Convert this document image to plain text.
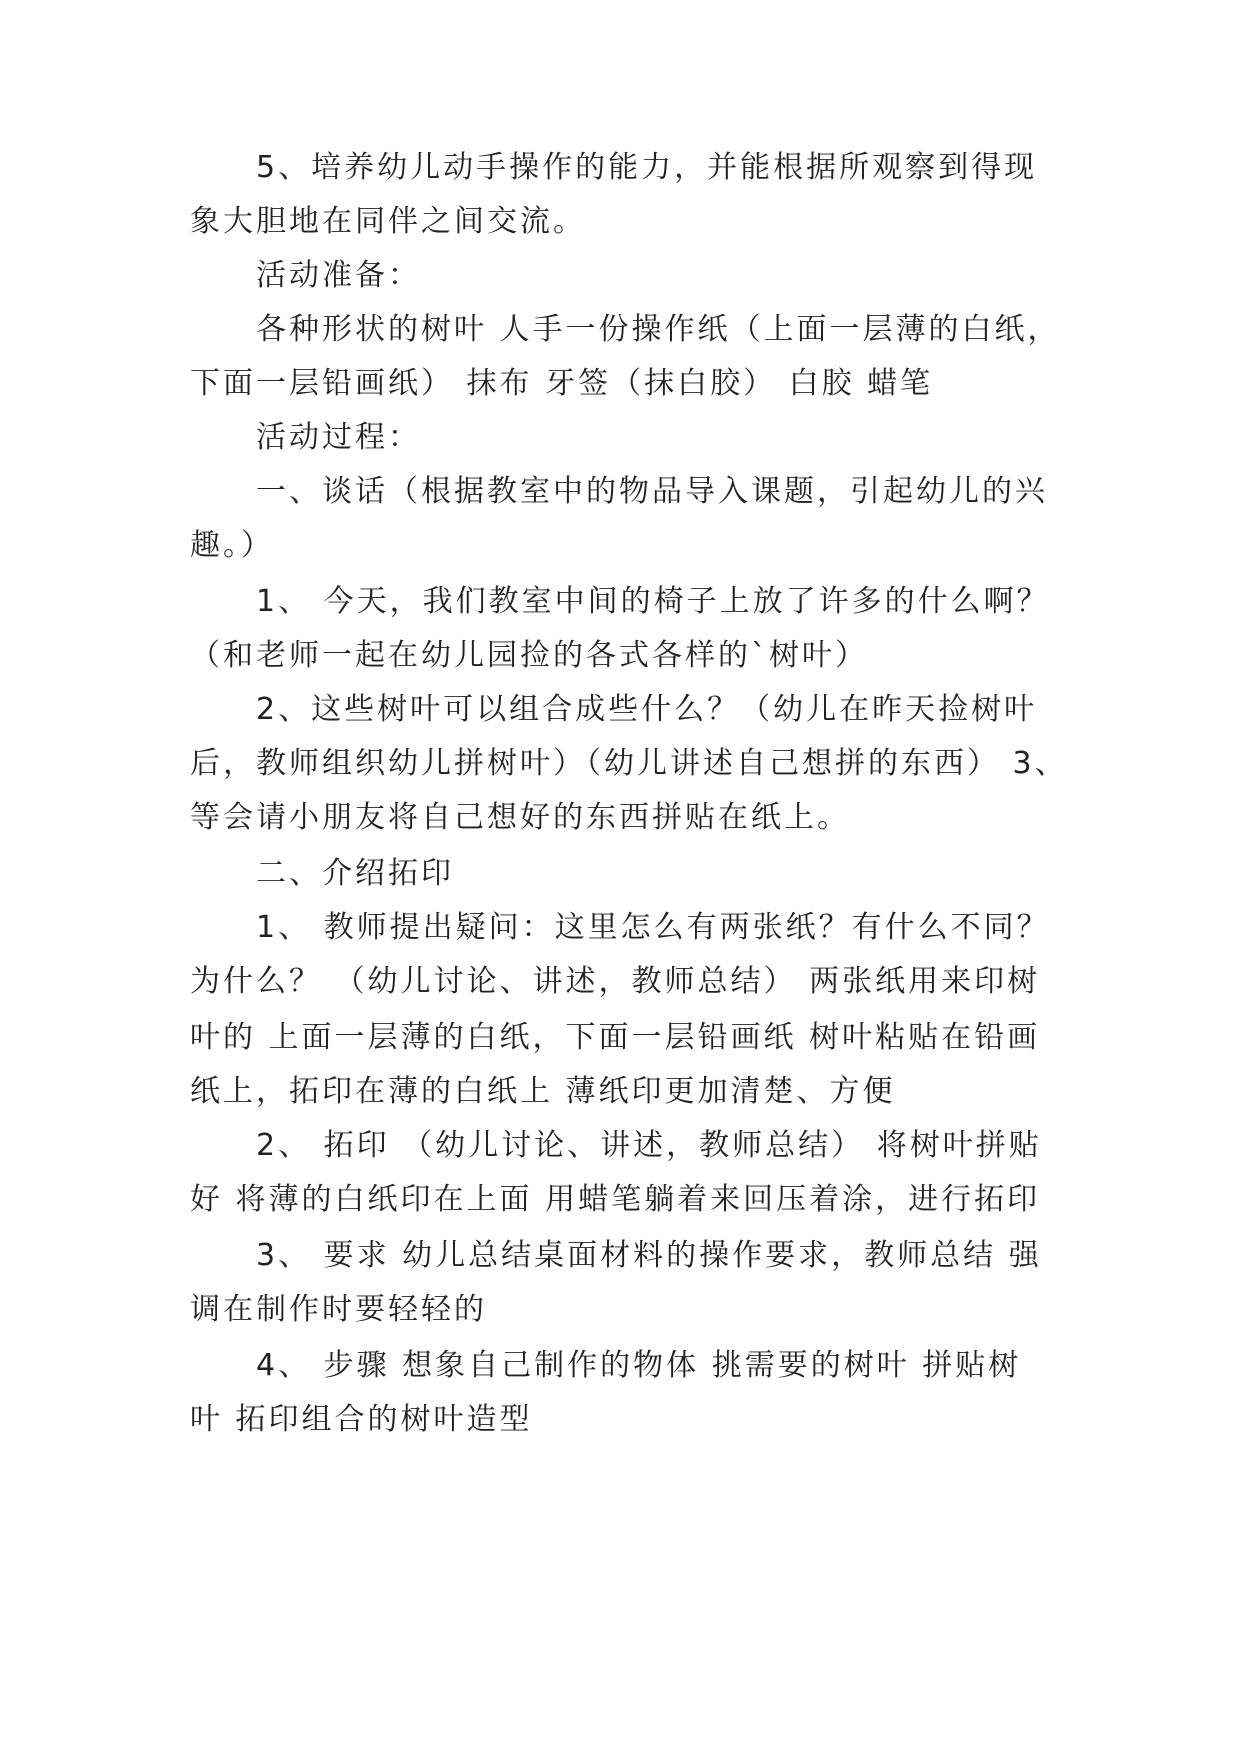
5、培养幼儿动手操作的能力，并能根据所观察到得现
象大胆地在同伴之间交流。
活动准备：
各种形状的树叶 人手一份操作纸（上面一层薄的白纸，
下面一层铅画纸） 抹布 牙签（抹白胶） 白胶 蜡笔
活动过程：
一、谈话（根据教室中的物品导入课题，引起幼儿的兴
趣。）
1、 今天，我们教室中间的椅子上放了许多的什么啊？
（和老师一起在幼儿园捡的各式各样的`树叶）
2、这些树叶可以组合成些什么？（幼儿在昨天捡树叶
后，教师组织幼儿拼树叶）（幼儿讲述自己想拼的东西） 3、
等会请小朋友将自己想好的东西拼贴在纸上。
二、介绍拓印
1、 教师提出疑问：这里怎么有两张纸？有什么不同？
为什么？ （幼儿讨论、讲述，教师总结） 两张纸用来印树
叶的 上面一层薄的白纸，下面一层铅画纸 树叶粘贴在铅画
纸上，拓印在薄的白纸上 薄纸印更加清楚、方便
2、 拓印 （幼儿讨论、讲述，教师总结） 将树叶拼贴
好 将薄的白纸印在上面 用蜡笔躺着来回压着涂，进行拓印
3、 要求 幼儿总结桌面材料的操作要求，教师总结 强
调在制作时要轻轻的
4、 步骤 想象自己制作的物体 挑需要的树叶 拼贴树
叶 拓印组合的树叶造型
